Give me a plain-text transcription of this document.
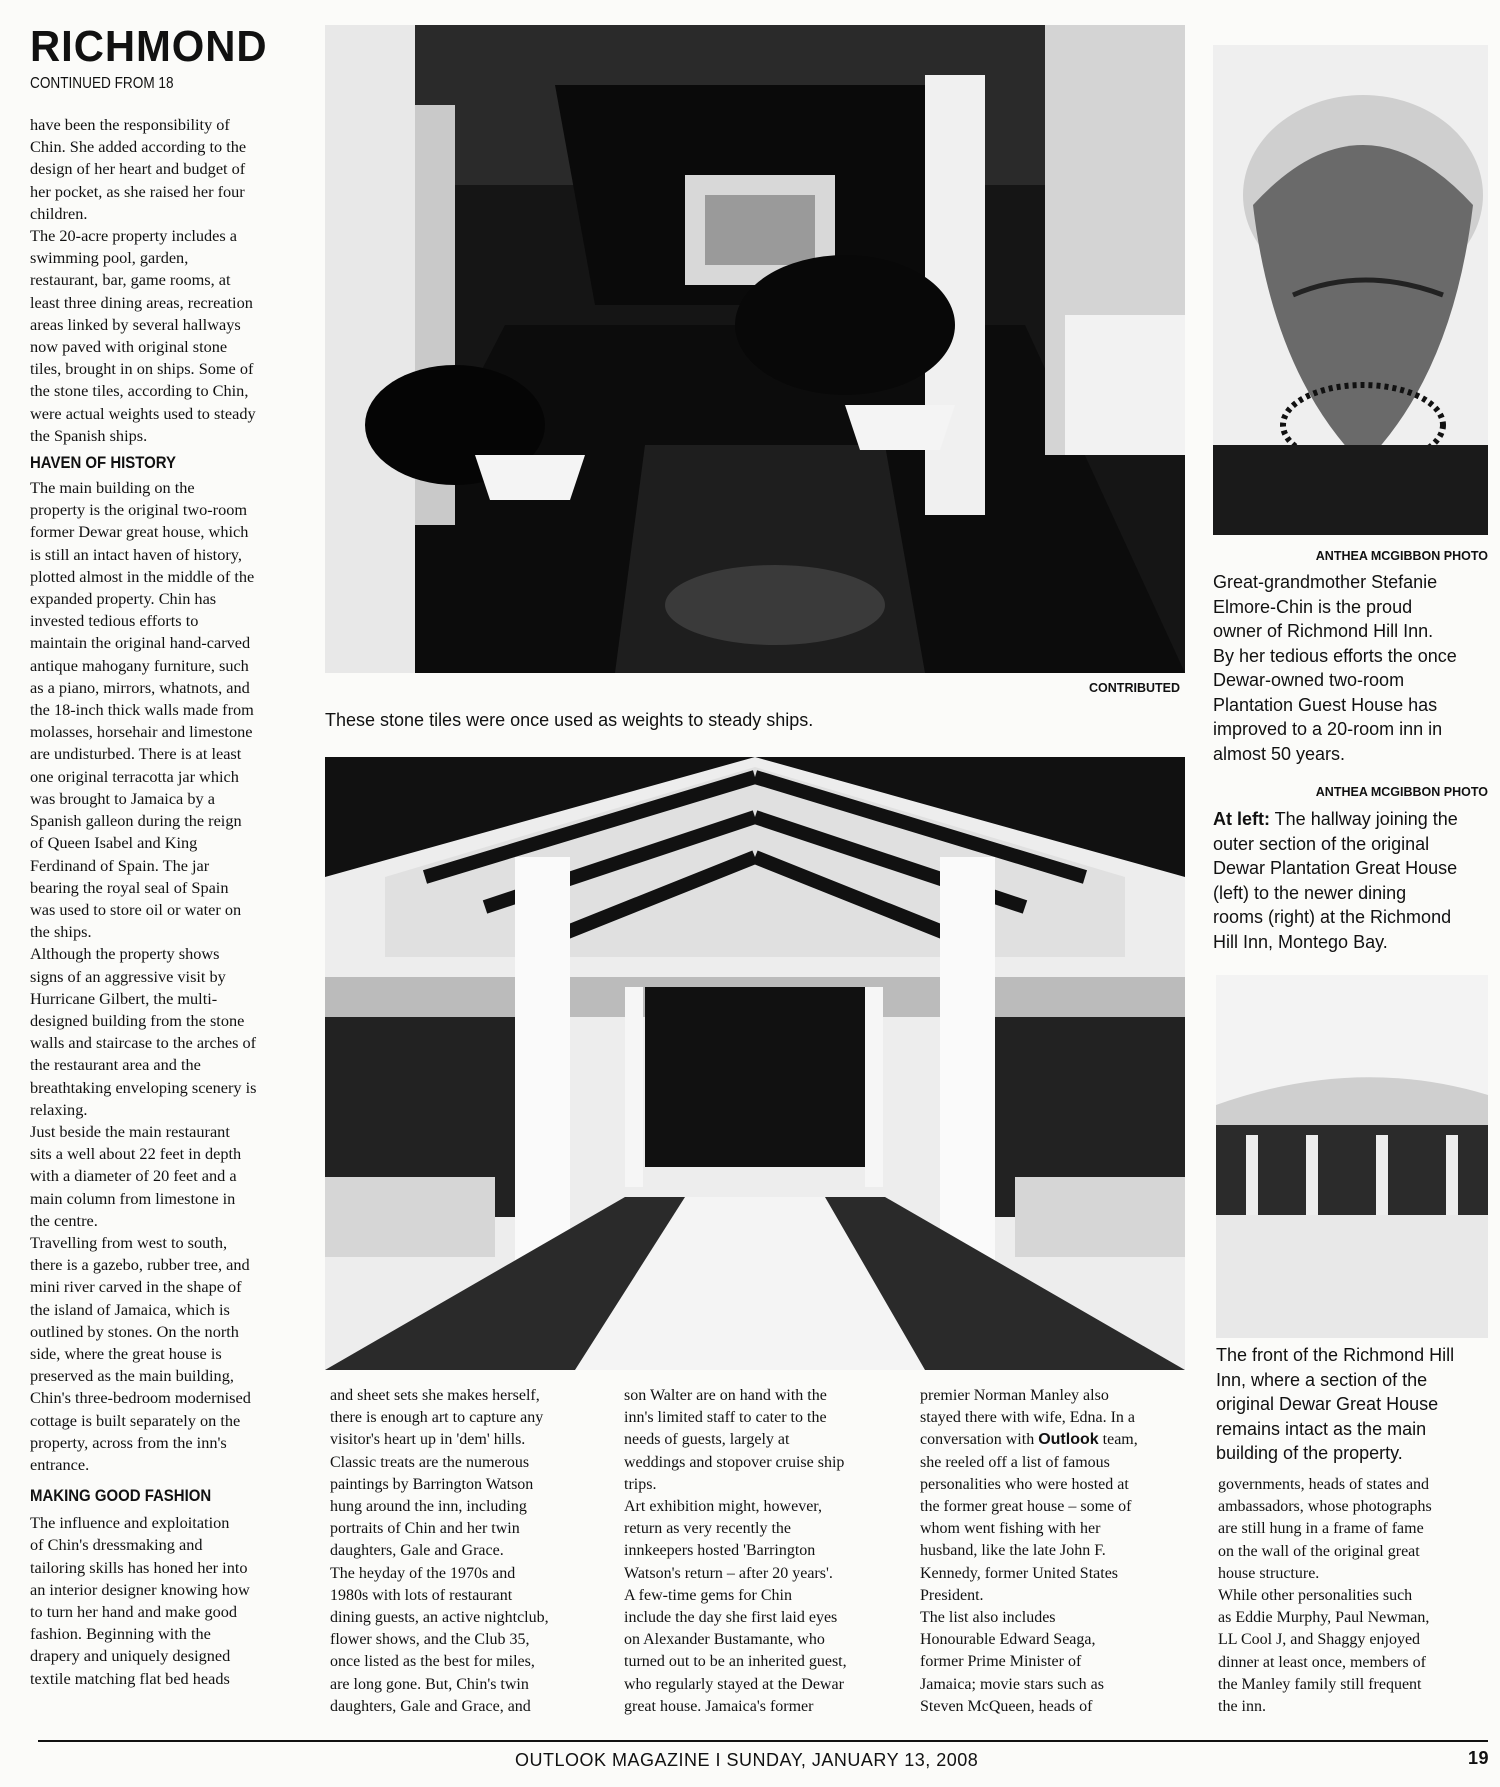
RICHMOND

CONTINUED FROM 18

have been the responsibility of
Chin. She added according to the
design of her heart and budget of
her pocket, as she raised her four
children.
The 20-acre property includes a
swimming pool, garden,
restaurant, bar, game rooms, at
least three dining areas, recreation
areas linked by several hallways
now paved with original stone
tiles, brought in on ships. Some of
the stone tiles, according to Chin,
were actual weights used to steady
the Spanish ships.

HAVEN OF HISTORY

The main building on the
property is the original two-room
former Dewar great house, which
is still an intact haven of history,
plotted almost in the middle of the
expanded property. Chin has
invested tedious efforts to
maintain the original hand-carved
antique mahogany furniture, such
as a piano, mirrors, whatnots, and
the 18-inch thick walls made from
molasses, horsehair and limestone
are undisturbed. There is at least
one original terracotta jar which
was brought to Jamaica by a
Spanish galleon during the reign
of Queen Isabel and King
Ferdinand of Spain. The jar
bearing the royal seal of Spain
was used to store oil or water on
the ships.
Although the property shows
signs of an aggressive visit by
Hurricane Gilbert, the multi-
designed building from the stone
walls and staircase to the arches of
the restaurant area and the
breathtaking enveloping scenery is
relaxing.
Just beside the main restaurant
sits a well about 22 feet in depth
with a diameter of 20 feet and a
main column from limestone in
the centre.
Travelling from west to south,
there is a gazebo, rubber tree, and
mini river carved in the shape of
the island of Jamaica, which is
outlined by stones. On the north
side, where the great house is
preserved as the main building,
Chin's three-bedroom modernised
cottage is built separately on the
property, across from the inn's
entrance.

MAKING GOOD FASHION

The influence and exploitation
of Chin's dressmaking and
tailoring skills has honed her into
an interior designer knowing how
to turn her hand and make good
fashion. Beginning with the
drapery and uniquely designed
textile matching flat bed heads

CONTRIBUTED

These stone tiles were once used as weights to steady ships.

ANTHEA MCGIBBON PHOTO

Great-grandmother Stefanie
Elmore-Chin is the proud
owner of Richmond Hill Inn.
By her tedious efforts the once
Dewar-owned two-room
Plantation Guest House has
improved to a 20-room inn in
almost 50 years.

ANTHEA MCGIBBON PHOTO

At left: The hallway joining the
outer section of the original
Dewar Plantation Great House
(left) to the newer dining
rooms (right) at the Richmond
Hill Inn, Montego Bay.

The front of the Richmond Hill
Inn, where a section of the
original Dewar Great House
remains intact as the main
building of the property.

and sheet sets she makes herself,
there is enough art to capture any
visitor's heart up in 'dem' hills.
Classic treats are the numerous
paintings by Barrington Watson
hung around the inn, including
portraits of Chin and her twin
daughters, Gale and Grace.
The heyday of the 1970s and
1980s with lots of restaurant
dining guests, an active nightclub,
flower shows, and the Club 35,
once listed as the best for miles,
are long gone. But, Chin's twin
daughters, Gale and Grace, and

son Walter are on hand with the
inn's limited staff to cater to the
needs of guests, largely at
weddings and stopover cruise ship
trips.
Art exhibition might, however,
return as very recently the
innkeepers hosted 'Barrington
Watson's return – after 20 years'.
A few-time gems for Chin
include the day she first laid eyes
on Alexander Bustamante, who
turned out to be an inherited guest,
who regularly stayed at the Dewar
great house. Jamaica's former

premier Norman Manley also
stayed there with wife, Edna. In a
conversation with Outlook team,
she reeled off a list of famous
personalities who were hosted at
the former great house – some of
whom went fishing with her
husband, like the late John F.
Kennedy, former United States
President.
The list also includes
Honourable Edward Seaga,
former Prime Minister of
Jamaica; movie stars such as
Steven McQueen, heads of

governments, heads of states and
ambassadors, whose photographs
are still hung in a frame of fame
on the wall of the original great
house structure.
While other personalities such
as Eddie Murphy, Paul Newman,
LL Cool J, and Shaggy enjoyed
dinner at least once, members of
the Manley family still frequent
the inn.

OUTLOOK MAGAZINE I SUNDAY, JANUARY 13, 2008	19
